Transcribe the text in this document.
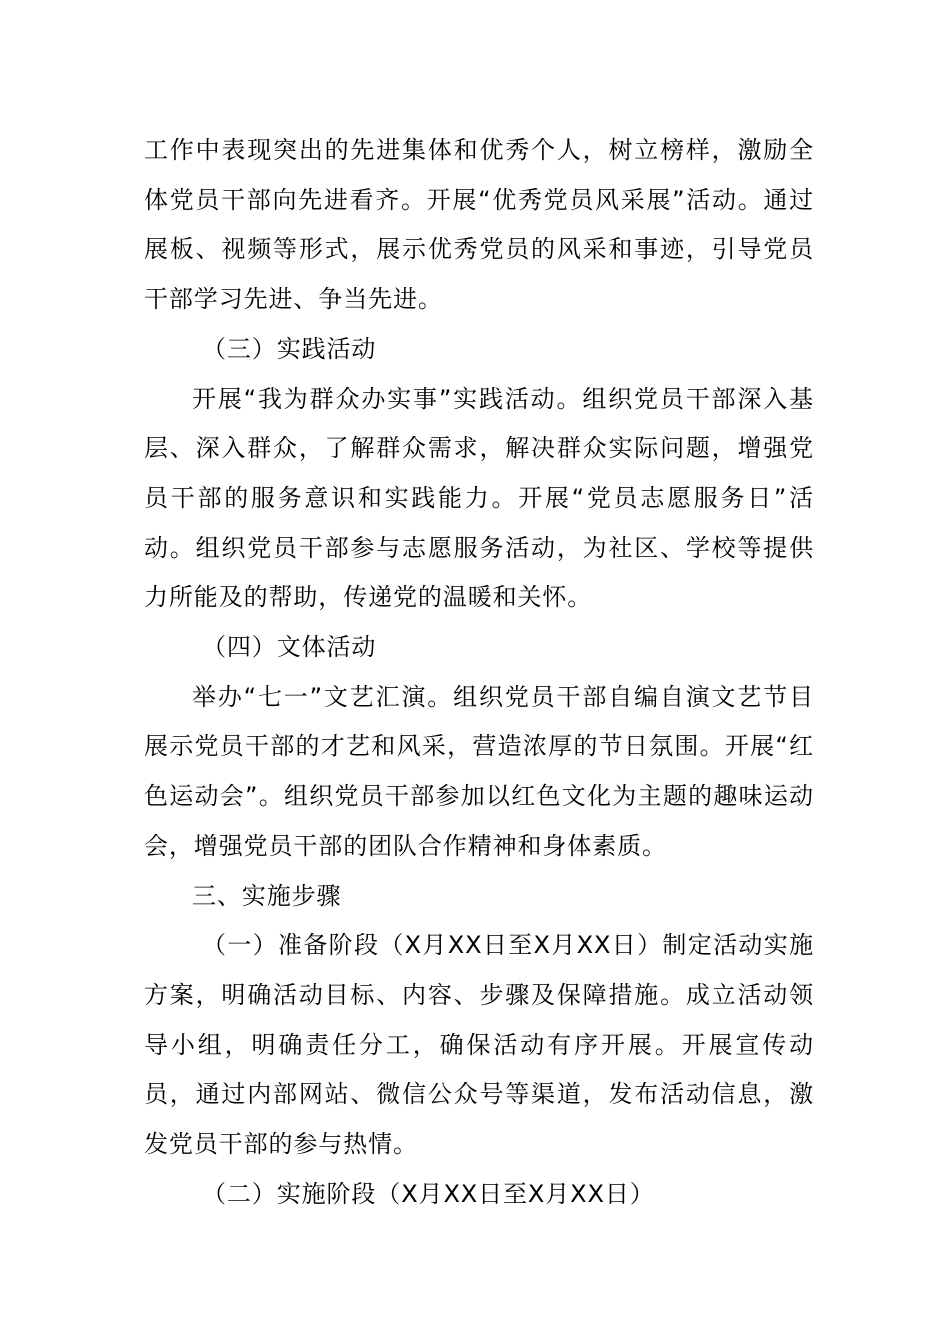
工作中表现突出的先进集体和优秀个人，树立榜样，激励全体党员干部向先进看齐。开展“优秀党员风采展”活动。通过展板、视频等形式，展示优秀党员的风采和事迹，引导党员干部学习先进、争当先进。

（三）实践活动

开展“我为群众办实事”实践活动。组织党员干部深入基层、深入群众，了解群众需求，解决群众实际问题，增强党员干部的服务意识和实践能力。开展“党员志愿服务日”活动。组织党员干部参与志愿服务活动，为社区、学校等提供力所能及的帮助，传递党的温暖和关怀。

（四）文体活动

举办“七一”文艺汇演。组织党员干部自编自演文艺节目展示党员干部的才艺和风采，营造浓厚的节日氛围。开展“红色运动会”。组织党员干部参加以红色文化为主题的趣味运动会，增强党员干部的团队合作精神和身体素质。

三、实施步骤

（一）准备阶段（X月XX日至X月XX日）制定活动实施方案，明确活动目标、内容、步骤及保障措施。成立活动领导小组，明确责任分工，确保活动有序开展。开展宣传动员，通过内部网站、微信公众号等渠道，发布活动信息，激发党员干部的参与热情。

（二）实施阶段（X月XX日至X月XX日）
